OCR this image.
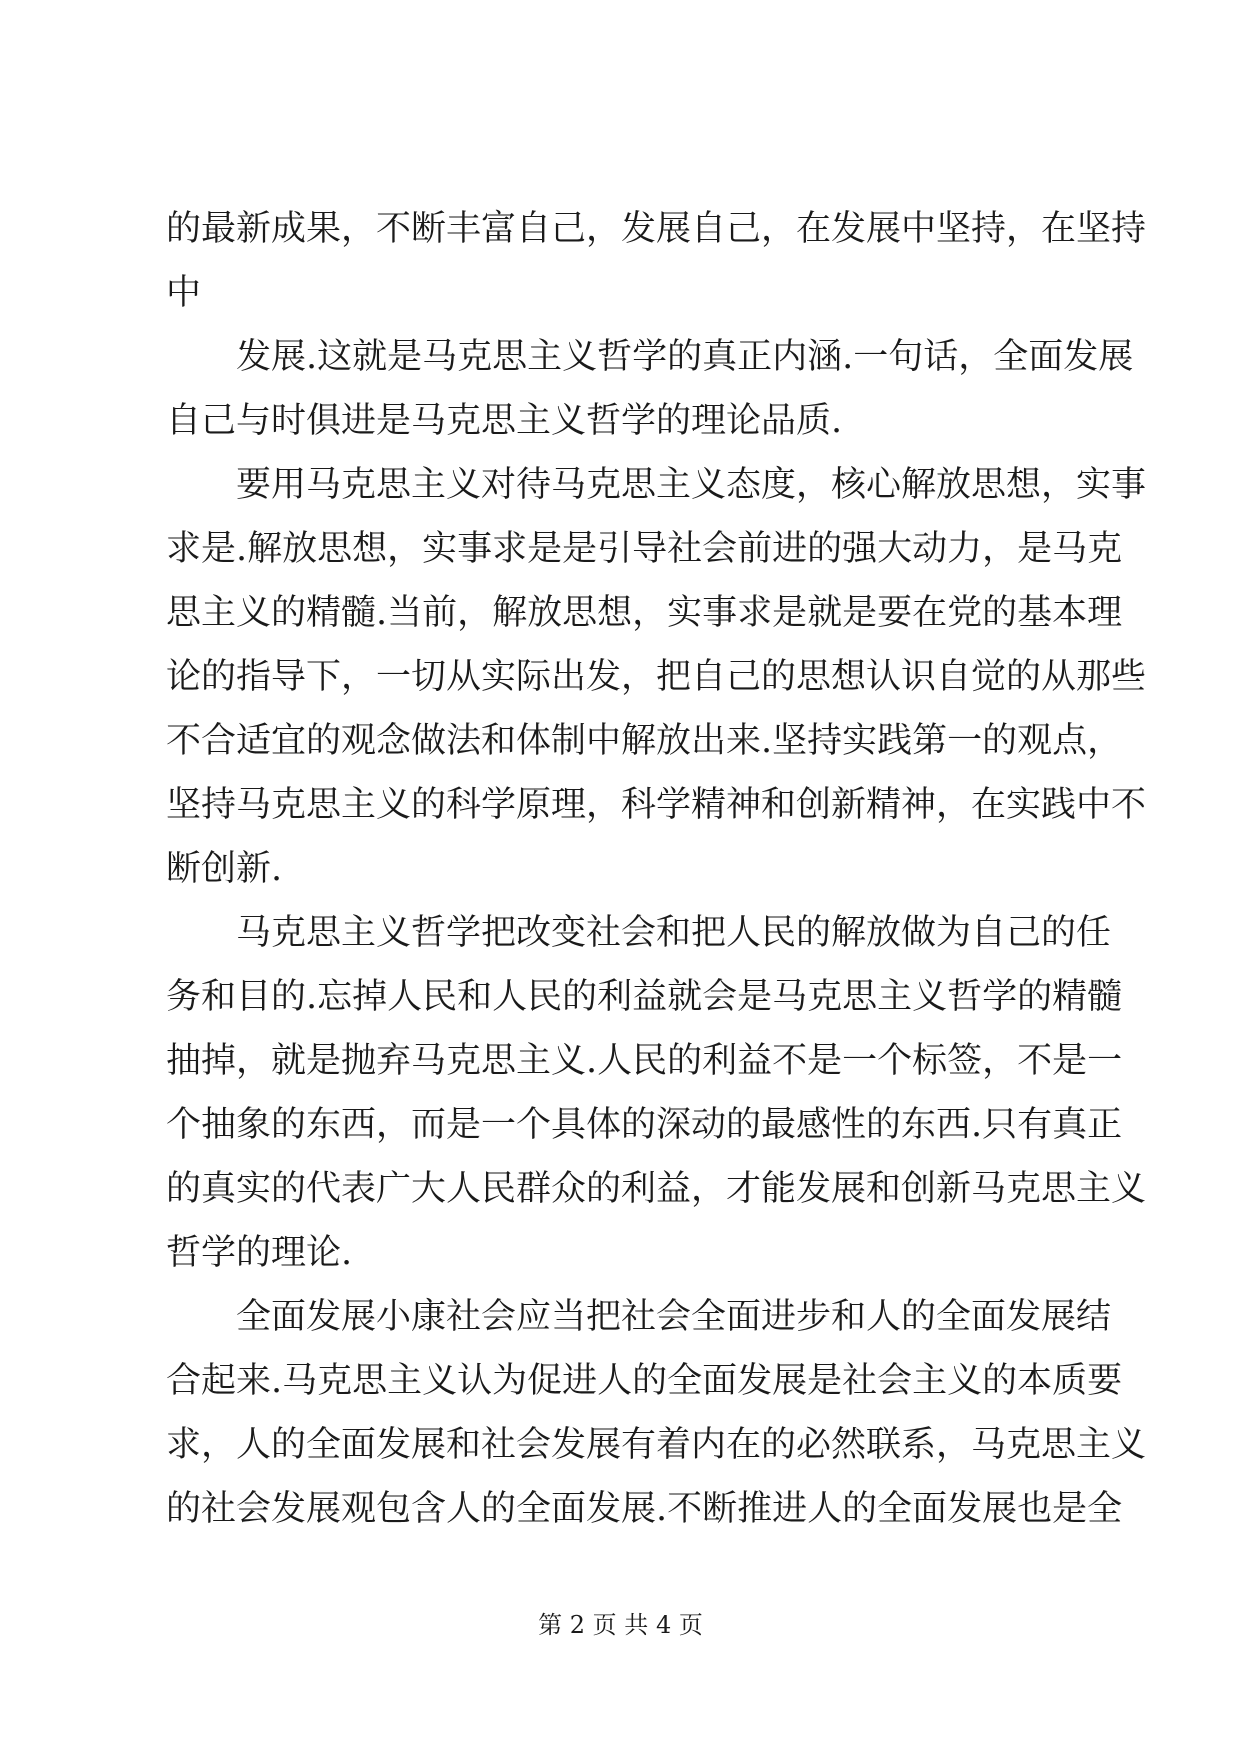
的最新成果，不断丰富自己，发展自己，在发展中坚持，在坚持
中
发展.这就是马克思主义哲学的真正内涵.一句话，全面发展
自己与时俱进是马克思主义哲学的理论品质.
要用马克思主义对待马克思主义态度，核心解放思想，实事
求是.解放思想，实事求是是引导社会前进的强大动力，是马克
思主义的精髓.当前，解放思想，实事求是就是要在党的基本理
论的指导下，一切从实际出发，把自己的思想认识自觉的从那些
不合适宜的观念做法和体制中解放出来.坚持实践第一的观点，
坚持马克思主义的科学原理，科学精神和创新精神，在实践中不
断创新.
马克思主义哲学把改变社会和把人民的解放做为自己的任
务和目的.忘掉人民和人民的利益就会是马克思主义哲学的精髓
抽掉，就是抛弃马克思主义.人民的利益不是一个标签，不是一
个抽象的东西，而是一个具体的深动的最感性的东西.只有真正
的真实的代表广大人民群众的利益，才能发展和创新马克思主义
哲学的理论.
全面发展小康社会应当把社会全面进步和人的全面发展结
合起来.马克思主义认为促进人的全面发展是社会主义的本质要
求，人的全面发展和社会发展有着内在的必然联系，马克思主义
的社会发展观包含人的全面发展.不断推进人的全面发展也是全
第 2 页 共 4 页
